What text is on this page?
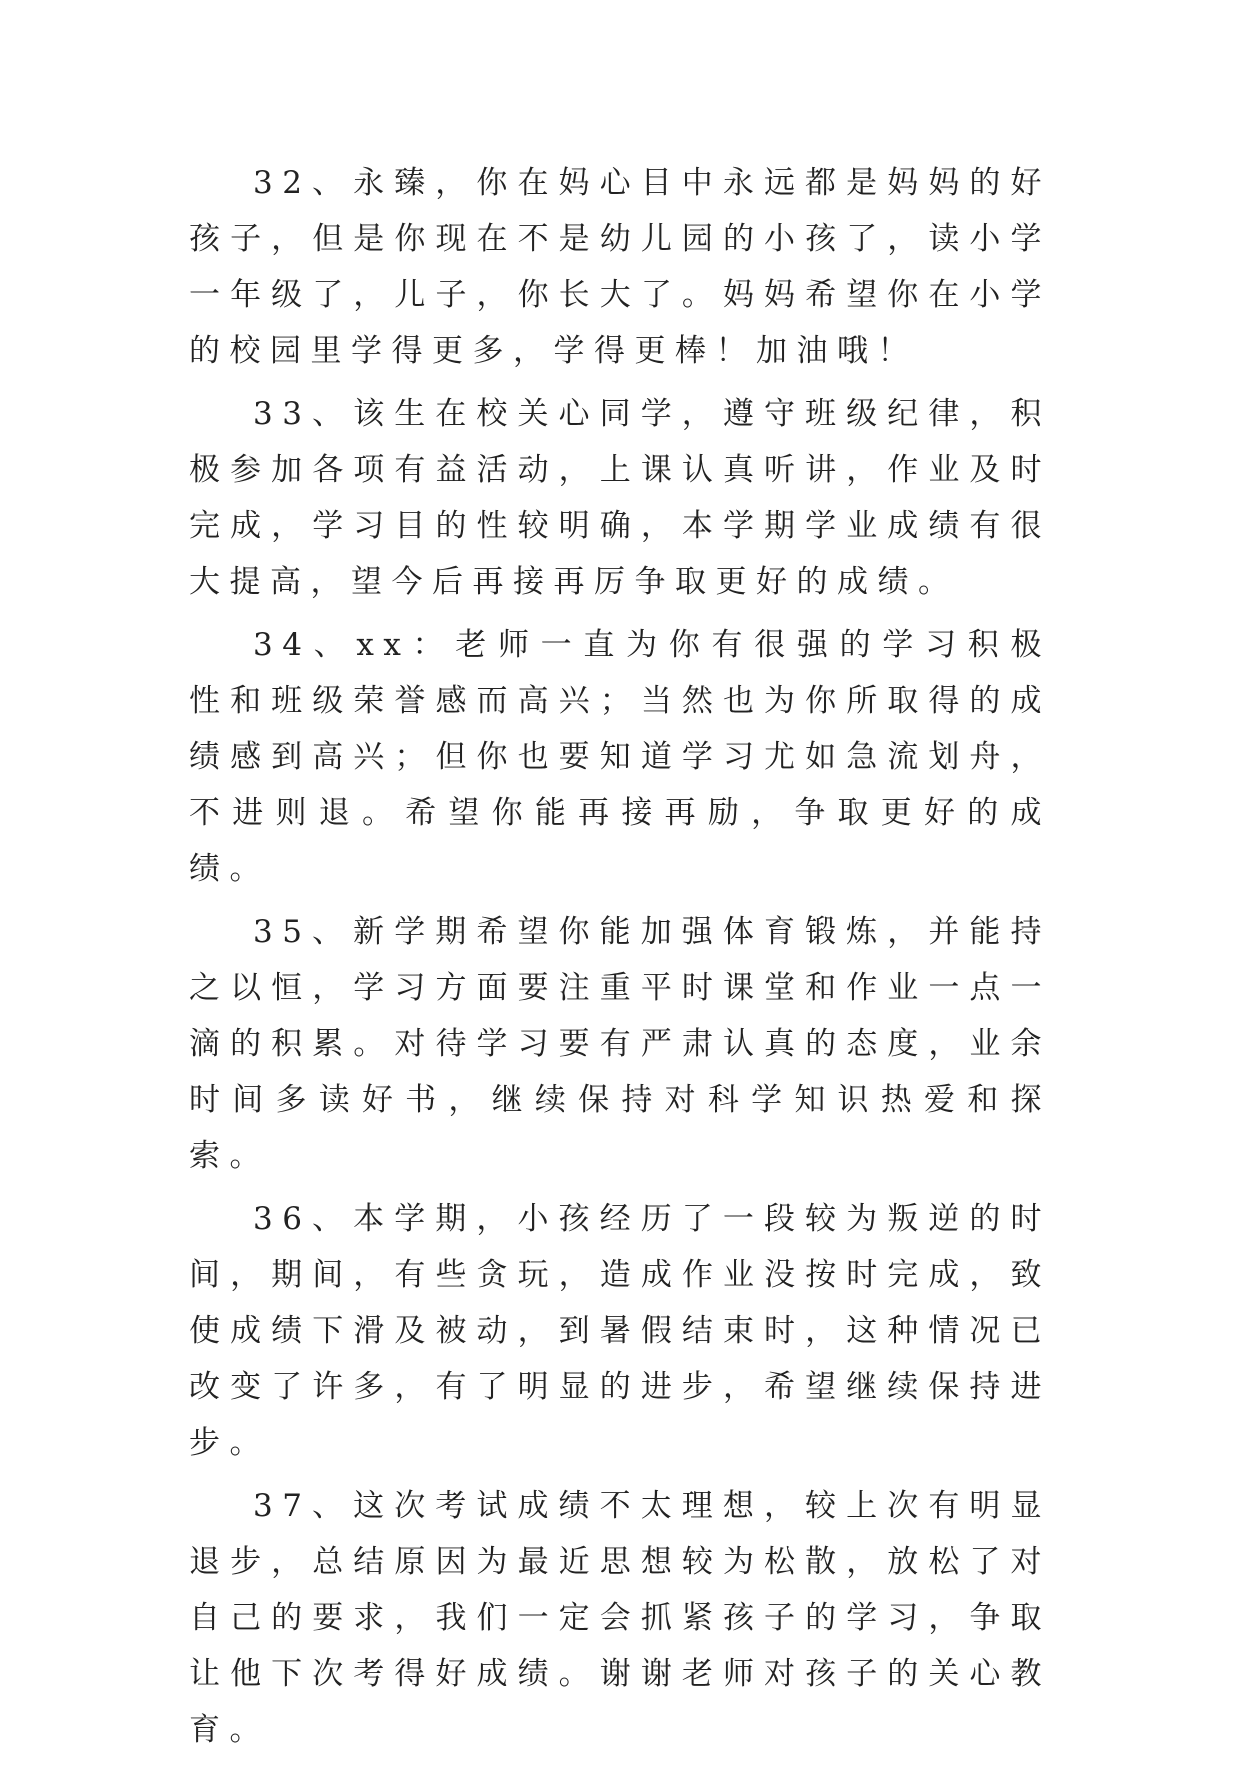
32、永臻，你在妈心目中永远都是妈妈的好孩子，但是你现在不是幼儿园的小孩了，读小学一年级了，儿子，你长大了。妈妈希望你在小学的校园里学得更多，学得更棒！加油哦！

33、该生在校关心同学，遵守班级纪律，积极参加各项有益活动，上课认真听讲，作业及时完成，学习目的性较明确，本学期学业成绩有很大提高，望今后再接再厉争取更好的成绩。

34、xx：老师一直为你有很强的学习积极性和班级荣誉感而高兴；当然也为你所取得的成绩感到高兴；但你也要知道学习尤如急流划舟，不进则退。希望你能再接再励，争取更好的成绩。

35、新学期希望你能加强体育锻炼，并能持之以恒，学习方面要注重平时课堂和作业一点一滴的积累。对待学习要有严肃认真的态度，业余时间多读好书，继续保持对科学知识热爱和探索。

36、本学期，小孩经历了一段较为叛逆的时间，期间，有些贪玩，造成作业没按时完成，致使成绩下滑及被动，到暑假结束时，这种情况已改变了许多，有了明显的进步，希望继续保持进步。

37、这次考试成绩不太理想，较上次有明显退步，总结原因为最近思想较为松散，放松了对自己的要求，我们一定会抓紧孩子的学习，争取让他下次考得好成绩。谢谢老师对孩子的关心教育。
